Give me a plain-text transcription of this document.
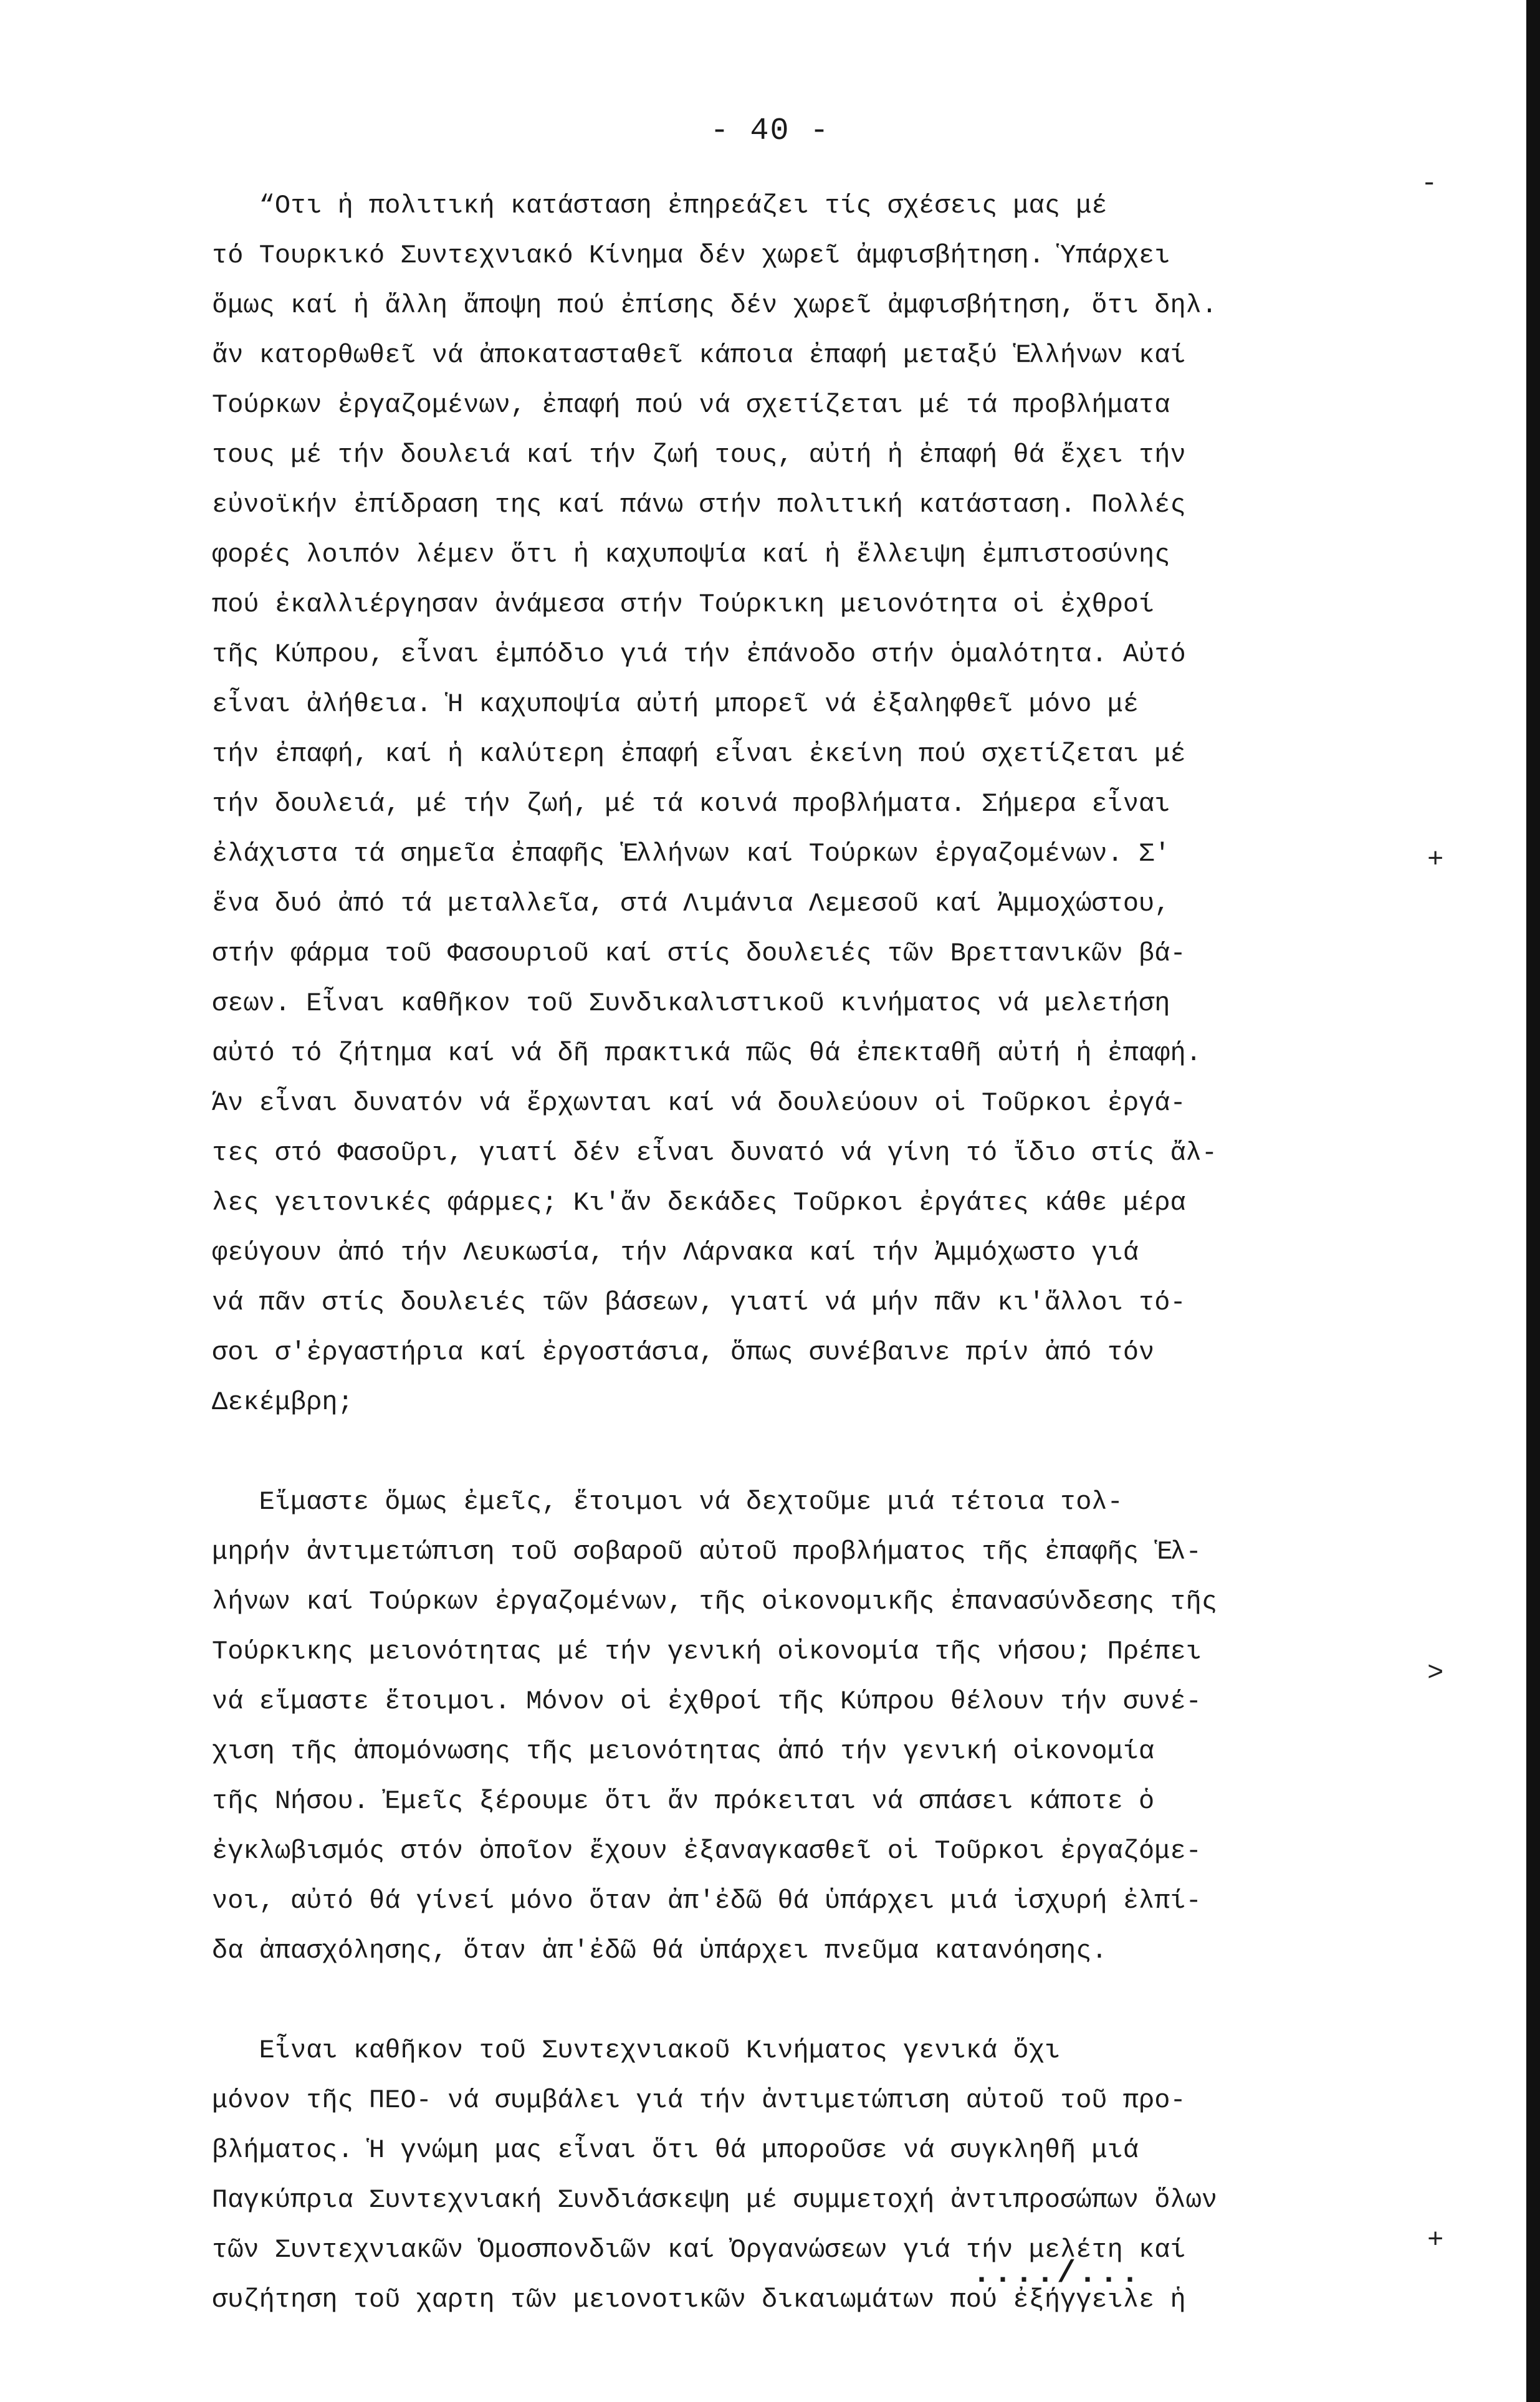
- 40 -
“Οτι ἡ πολιτική κατάσταση ἐπηρεάζει τίς σχέσεις μας μέ
τό Τουρκικό Συντεχνιακό Κίνημα δέν χωρεῖ ἀμφισβήτηση. Ὑπάρχει
ὅμως καί ἡ ἄλλη ἄποψη πού ἐπίσης δέν χωρεῖ ἀμφισβήτηση, ὅτι δηλ.
ἄν κατορθωθεῖ νά ἀποκατασταθεῖ κάποια ἐπαφή μεταξύ Ἑλλήνων καί
Τούρκων ἐργαζομένων, ἐπαφή πού νά σχετίζεται μέ τά προβλήματα
τους μέ τήν δουλειά καί τήν ζωή τους, αὐτή ἡ ἐπαφή θά ἔχει τήν
εὐνοϊκήν ἐπίδραση της καί πάνω στήν πολιτική κατάσταση. Πολλές
φορές λοιπόν λέμεν ὅτι ἡ καχυποψία καί ἡ ἔλλειψη ἐμπιστοσύνης
πού ἐκαλλιέργησαν ἀνάμεσα στήν Τούρκικη μειονότητα οἱ ἐχθροί
τῆς Κύπρου, εἶναι ἐμπόδιο γιά τήν ἐπάνοδο στήν ὁμαλότητα. Αὐτό
εἶναι ἀλήθεια. Ἡ καχυποψία αὐτή μπορεῖ νά ἐξαληφθεῖ μόνο μέ
τήν ἐπαφή, καί ἡ καλύτερη ἐπαφή εἶναι ἐκείνη πού σχετίζεται μέ
τήν δουλειά, μέ τήν ζωή, μέ τά κοινά προβλήματα. Σήμερα εἶναι
ἐλάχιστα τά σημεῖα ἐπαφῆς Ἑλλήνων καί Τούρκων ἐργαζομένων. Σ'
ἕνα δυό ἀπό τά μεταλλεῖα, στά Λιμάνια Λεμεσοῦ καί Ἀμμοχώστου,
στήν φάρμα τοῦ Φασουριοῦ καί στίς δουλειές τῶν Βρεττανικῶν βά-
σεων. Εἶναι καθῆκον τοῦ Συνδικαλιστικοῦ κινήματος νά μελετήση
αὐτό τό ζήτημα καί νά δῆ πρακτικά πῶς θά ἐπεκταθῆ αὐτή ἡ ἐπαφή.
Ἄν εἶναι δυνατόν νά ἔρχωνται καί νά δουλεύουν οἱ Τοῦρκοι ἐργά-
τες στό Φασοῦρι, γιατί δέν εἶναι δυνατό νά γίνη τό ἴδιο στίς ἄλ-
λες γειτονικές φάρμες; Κι'ἄν δεκάδες Τοῦρκοι ἐργάτες κάθε μέρα
φεύγουν ἀπό τήν Λευκωσία, τήν Λάρνακα καί τήν Ἀμμόχωστο γιά
νά πᾶν στίς δουλειές τῶν βάσεων, γιατί νά μήν πᾶν κι'ἄλλοι τό-
σοι σ'ἐργαστήρια καί ἐργοστάσια, ὅπως συνέβαινε πρίν ἀπό τόν
Δεκέμβρη;
Εἴμαστε ὅμως ἐμεῖς, ἕτοιμοι νά δεχτοῦμε μιά τέτοια τολ-
μηρήν ἀντιμετώπιση τοῦ σοβαροῦ αὐτοῦ προβλήματος τῆς ἐπαφῆς Ἑλ-
λήνων καί Τούρκων ἐργαζομένων, τῆς οἰκονομικῆς ἐπανασύνδεσης τῆς
Τούρκικης μειονότητας μέ τήν γενική οἰκονομία τῆς νήσου; Πρέπει
νά εἴμαστε ἕτοιμοι. Μόνον οἱ ἐχθροί τῆς Κύπρου θέλουν τήν συνέ-
χιση τῆς ἀπομόνωσης τῆς μειονότητας ἀπό τήν γενική οἰκονομία
τῆς Νήσου. Ἐμεῖς ξέρουμε ὅτι ἄν πρόκειται νά σπάσει κάποτε ὁ
ἐγκλωβισμός στόν ὁποῖον ἔχουν ἐξαναγκασθεῖ οἱ Τοῦρκοι ἐργαζόμε-
νοι, αὐτό θά γίνεί μόνο ὅταν ἀπ'ἐδῶ θά ὑπάρχει μιά ἰσχυρή ἐλπί-
δα ἀπασχόλησης, ὅταν ἀπ'ἐδῶ θά ὑπάρχει πνεῦμα κατανόησης.
Εἶναι καθῆκον τοῦ Συντεχνιακοῦ Κινήματος γενικά ὄχι
μόνον τῆς ΠΕΟ- νά συμβάλει γιά τήν ἀντιμετώπιση αὐτοῦ τοῦ προ-
βλήματος. Ἡ γνώμη μας εἶναι ὅτι θά μποροῦσε νά συγκληθῆ μιά
Παγκύπρια Συντεχνιακή Συνδιάσκεψη μέ συμμετοχή ἀντιπροσώπων ὅλων
τῶν Συντεχνιακῶν Ὁμοσπονδιῶν καί Ὀργανώσεων γιά τήν μελέτη καί
συζήτηση τοῦ χαρτη τῶν μειονοτικῶν δικαιωμάτων πού ἐξήγγειλε ἡ
..../...
-
+
>
+
